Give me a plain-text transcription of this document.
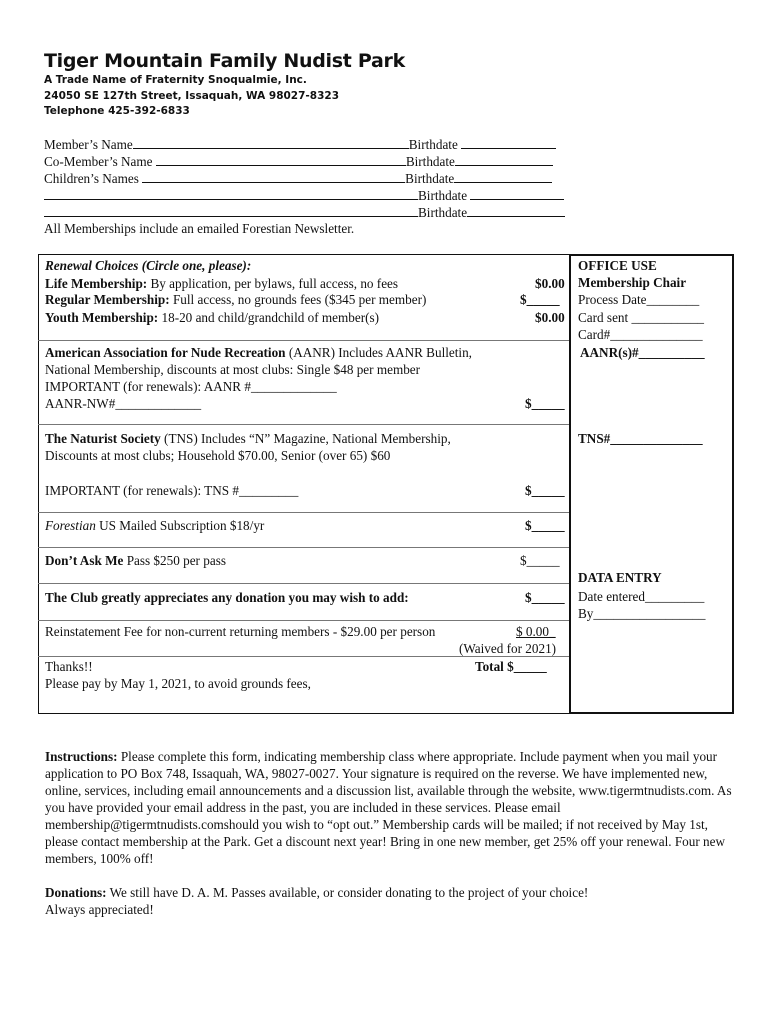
Tiger Mountain Family Nudist Park
A Trade Name of Fraternity Snoqualmie, Inc.
24050 SE 127th Street, Issaquah, WA 98027-8323
Telephone 425-392-6833
Member’s Name	Birthdate
Co-Member’s Name	Birthdate
Children’s Names	Birthdate
Birthdate
Birthdate
All Memberships include an emailed Forestian Newsletter.
Renewal Choices (Circle one, please):
Life Membership: By application, per bylaws, full access, no fees	$0.00
Regular Membership: Full access, no grounds fees ($345 per member)	$_____
Youth Membership: 18-20 and child/grandchild of member(s)	$0.00
American Association for Nude Recreation (AANR) Includes AANR Bulletin,
National Membership, discounts at most clubs: Single $48 per member
IMPORTANT (for renewals): AANR #_____________
AANR-NW#_____________	$_____
The Naturist Society (TNS) Includes “N” Magazine, National Membership,
Discounts at most clubs; Household $70.00, Senior (over 65) $60
IMPORTANT (for renewals): TNS #_________	$_____
Forestian US Mailed Subscription $18/yr	$_____
Don’t Ask Me Pass $250 per pass	$_____
The Club greatly appreciates any donation you may wish to add:	$_____
Reinstatement Fee for non-current returning members - $29.00 per person	$ 0.00_
(Waived for 2021)
Thanks!!	Total $_____
Please pay by May 1, 2021, to avoid grounds fees,
OFFICE USE
Membership Chair
Process Date________
Card sent ___________
Card#______________
AANR(s)#__________
TNS#______________
DATA ENTRY
Date entered_________
By_________________
Instructions: Please complete this form, indicating membership class where appropriate. Include payment when you mail your application to PO Box 748, Issaquah, WA, 98027-0027. Your signature is required on the reverse. We have implemented new, online, services, including email announcements and a discussion list, available through the website, www.tigermtnudists.com. As you have provided your email address in the past, you are included in these services. Please email membership@tigermtnudists.comshould you wish to “opt out.” Membership cards will be mailed; if not received by May 1st, please contact membership at the Park. Get a discount next year! Bring in one new member, get 25% off your renewal. Four new members, 100% off!
Donations: We still have D. A. M. Passes available, or consider donating to the project of your choice!
Always appreciated!
